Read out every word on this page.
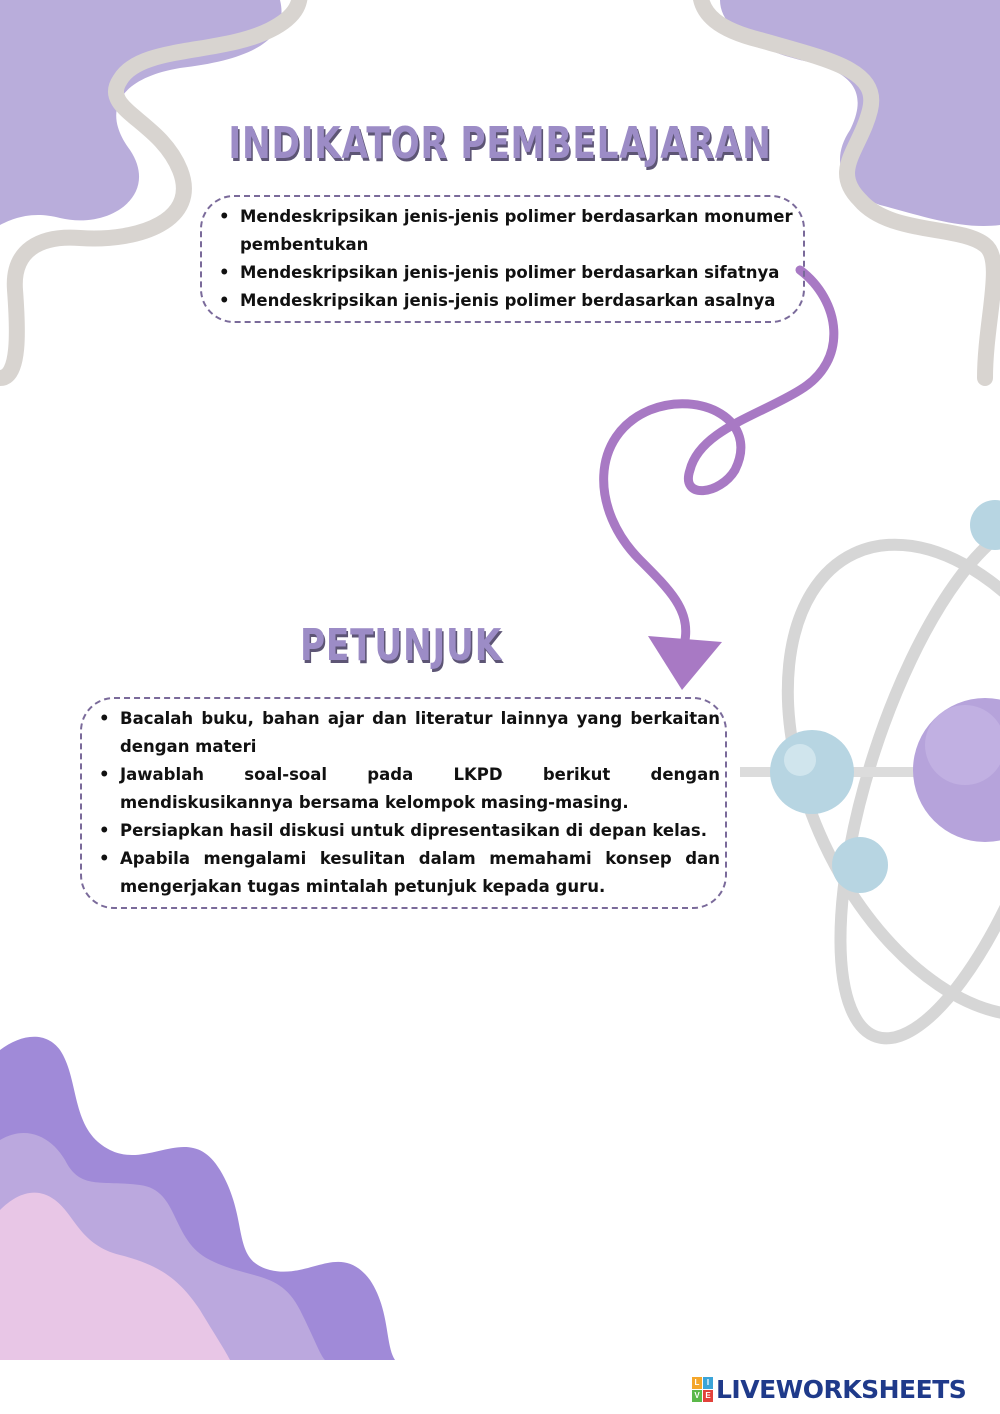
INDIKATOR PEMBELAJARAN
• Mendeskripsikan jenis-jenis polimer berdasarkan monumer pembentukan
• Mendeskripsikan jenis-jenis polimer berdasarkan sifatnya
• Mendeskripsikan jenis-jenis polimer berdasarkan asalnya
PETUNJUK
• Bacalah buku, bahan ajar dan literatur lainnya yang berkaitan dengan materi
• Jawablah soal-soal pada LKPD berikut dengan mendiskusikannya bersama kelompok masing-masing.
• Persiapkan hasil diskusi untuk dipresentasikan di depan kelas.
• Apabila mengalami kesulitan dalam memahami konsep dan mengerjakan tugas mintalah petunjuk kepada guru.
L I
V E LIVEWORKSHEETS
